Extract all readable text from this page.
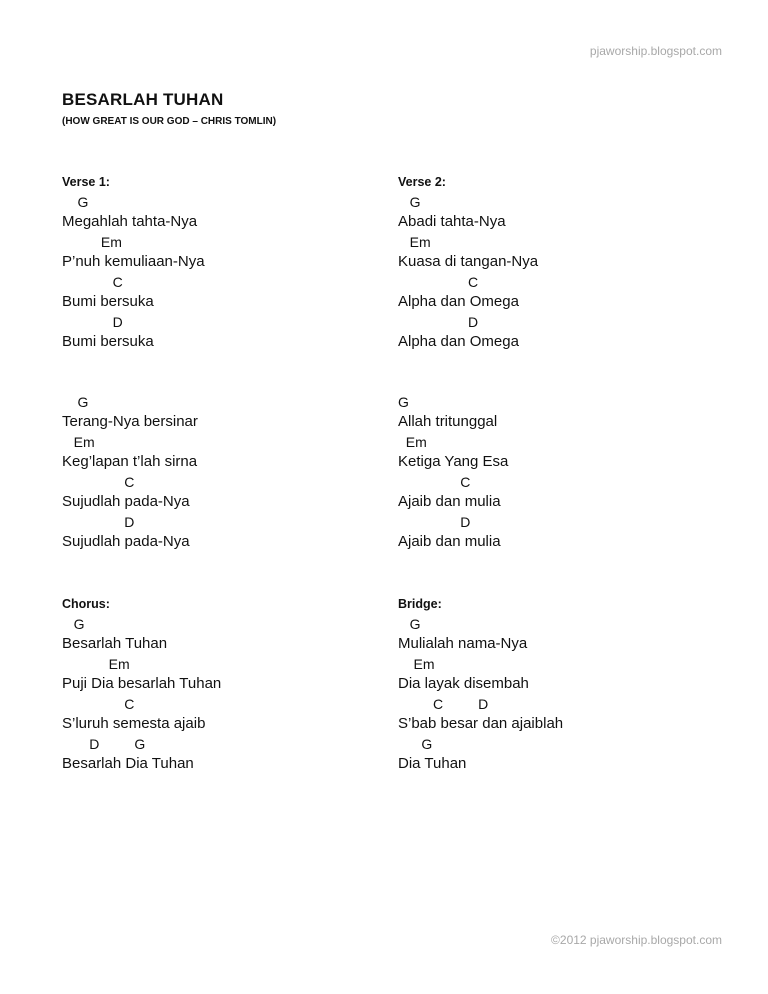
pjaworship.blogspot.com
BESARLAH TUHAN
(HOW GREAT IS OUR GOD – CHRIS TOMLIN)
Verse 1:
G
Megahlah tahta-Nya
Em
P’nuh kemuliaan-Nya
C
Bumi bersuka
D
Bumi bersuka
Verse 2:
G
Abadi tahta-Nya
Em
Kuasa di tangan-Nya
C
Alpha dan Omega
D
Alpha dan Omega
G
Terang-Nya bersinar
Em
Keg’lapan t’lah sirna
C
Sujudlah pada-Nya
D
Sujudlah pada-Nya
G
Allah tritunggal
Em
Ketiga Yang Esa
C
Ajaib dan mulia
D
Ajaib dan mulia
Chorus:
G
Besarlah Tuhan
Em
Puji Dia besarlah Tuhan
C
S’luruh semesta ajaib
D         G
Besarlah Dia Tuhan
Bridge:
G
Mulialah nama-Nya
Em
Dia layak disembah
C         D
S’bab besar dan ajaiblah
G
Dia Tuhan
©2012 pjaworship.blogspot.com
